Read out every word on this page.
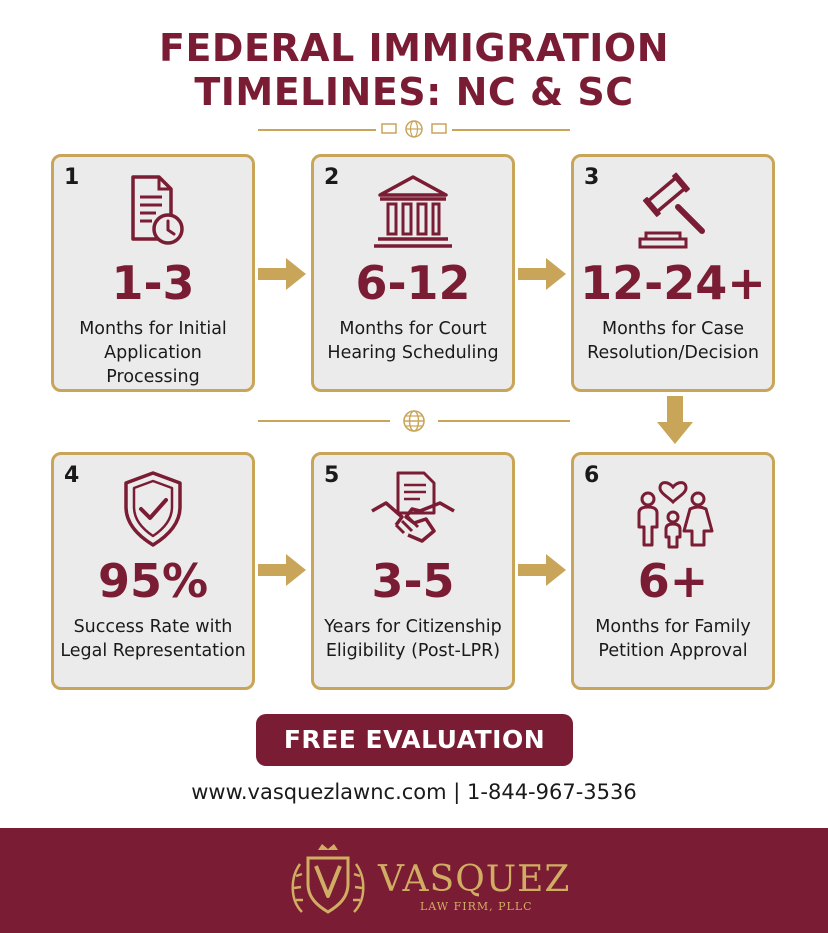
FEDERAL IMMIGRATION
TIMELINES: NC & SC
1
1-3
Months for Initial
Application
Processing
2
6-12
Months for Court
Hearing Scheduling
3
12-24+
Months for Case
Resolution/Decision
4
95%
Success Rate with
Legal Representation
5
3-5
Years for Citizenship
Eligibility (Post-LPR)
6
6+
Months for Family
Petition Approval
FREE EVALUATION
www.vasquezlawnc.com | 1-844-967-3536
VASQUEZ
LAW FIRM, PLLC
